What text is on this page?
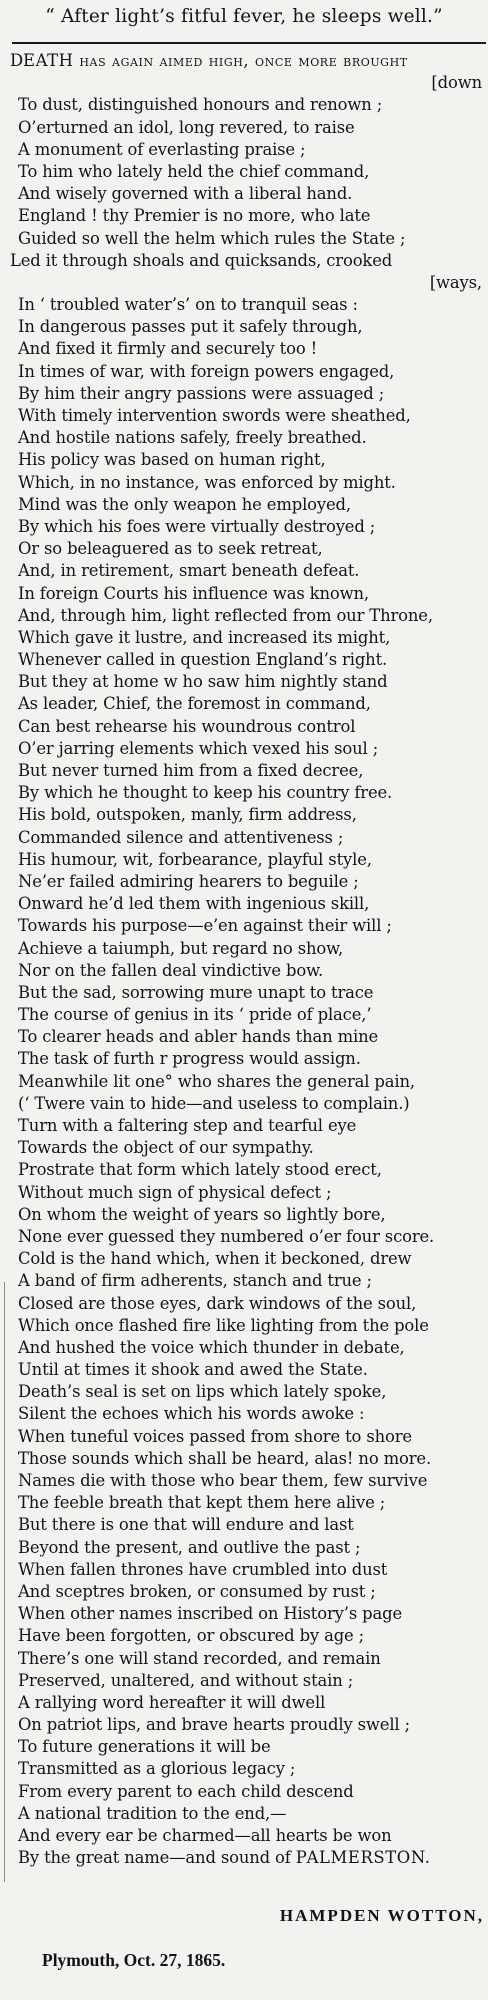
“ After light’s fitful fever, he sleeps well.”
DEATH has again aimed high, once more brought
[down
To dust, distinguished honours and renown ;
O’erturned an idol, long revered, to raise
A monument of everlasting praise ;
To him who lately held the chief command,
And wisely governed with a liberal hand.
England ! thy Premier is no more, who late
Guided so well the helm which rules the State ;
Led it through shoals and quicksands, crooked
[ways,
In ‘ troubled water’s’ on to tranquil seas :
In dangerous passes put it safely through,
And fixed it firmly and securely too !
In times of war, with foreign powers engaged,
By him their angry passions were assuaged ;
With timely intervention swords were sheathed,
And hostile nations safely, freely breathed.
His policy was based on human right,
Which, in no instance, was enforced by might.
Mind was the only weapon he employed,
By which his foes were virtually destroyed ;
Or so beleaguered as to seek retreat,
And, in retirement, smart beneath defeat.
In foreign Courts his influence was known,
And, through him, light reflected from our Throne,
Which gave it lustre, and increased its might,
Whenever called in question England’s right.
But they at home w ho saw him nightly stand
As leader, Chief, the foremost in command,
Can best rehearse his woundrous control
O’er jarring elements which vexed his soul ;
But never turned him from a fixed decree,
By which he thought to keep his country free.
His bold, outspoken, manly, firm address,
Commanded silence and attentiveness ;
His humour, wit, forbearance, playful style,
Ne’er failed admiring hearers to beguile ;
Onward he’d led them with ingenious skill,
Towards his purpose—e’en against their will ;
Achieve a taiumph, but regard no show,
Nor on the fallen deal vindictive bow.
But the sad, sorrowing mure unapt to trace
The course of genius in its ‘ pride of place,’
To clearer heads and abler hands than mine
The task of furth r progress would assign.
Meanwhile lit one° who shares the general pain,
(‘ Twere vain to hide—and useless to complain.)
Turn with a faltering step and tearful eye
Towards the object of our sympathy.
Prostrate that form which lately stood erect,
Without much sign of physical defect ;
On whom the weight of years so lightly bore,
None ever guessed they numbered o’er four score.
Cold is the hand which, when it beckoned, drew
A band of firm adherents, stanch and true ;
Closed are those eyes, dark windows of the soul,
Which once flashed fire like lighting from the pole
And hushed the voice which thunder in debate,
Until at times it shook and awed the State.
Death’s seal is set on lips which lately spoke,
Silent the echoes which his words awoke :
When tuneful voices passed from shore to shore
Those sounds which shall be heard, alas! no more.
Names die with those who bear them, few survive
The feeble breath that kept them here alive ;
But there is one that will endure and last
Beyond the present, and outlive the past ;
When fallen thrones have crumbled into dust
And sceptres broken, or consumed by rust ;
When other names inscribed on History’s page
Have been forgotten, or obscured by age ;
There’s one will stand recorded, and remain
Preserved, unaltered, and without stain ;
A rallying word hereafter it will dwell
On patriot lips, and brave hearts proudly swell ;
To future generations it will be
Transmitted as a glorious legacy ;
From every parent to each child descend
A national tradition to the end,—
And every ear be charmed—all hearts be won
By the great name—and sound of PALMERSTON.
HAMPDEN WOTTON,
Plymouth, Oct. 27, 1865.
